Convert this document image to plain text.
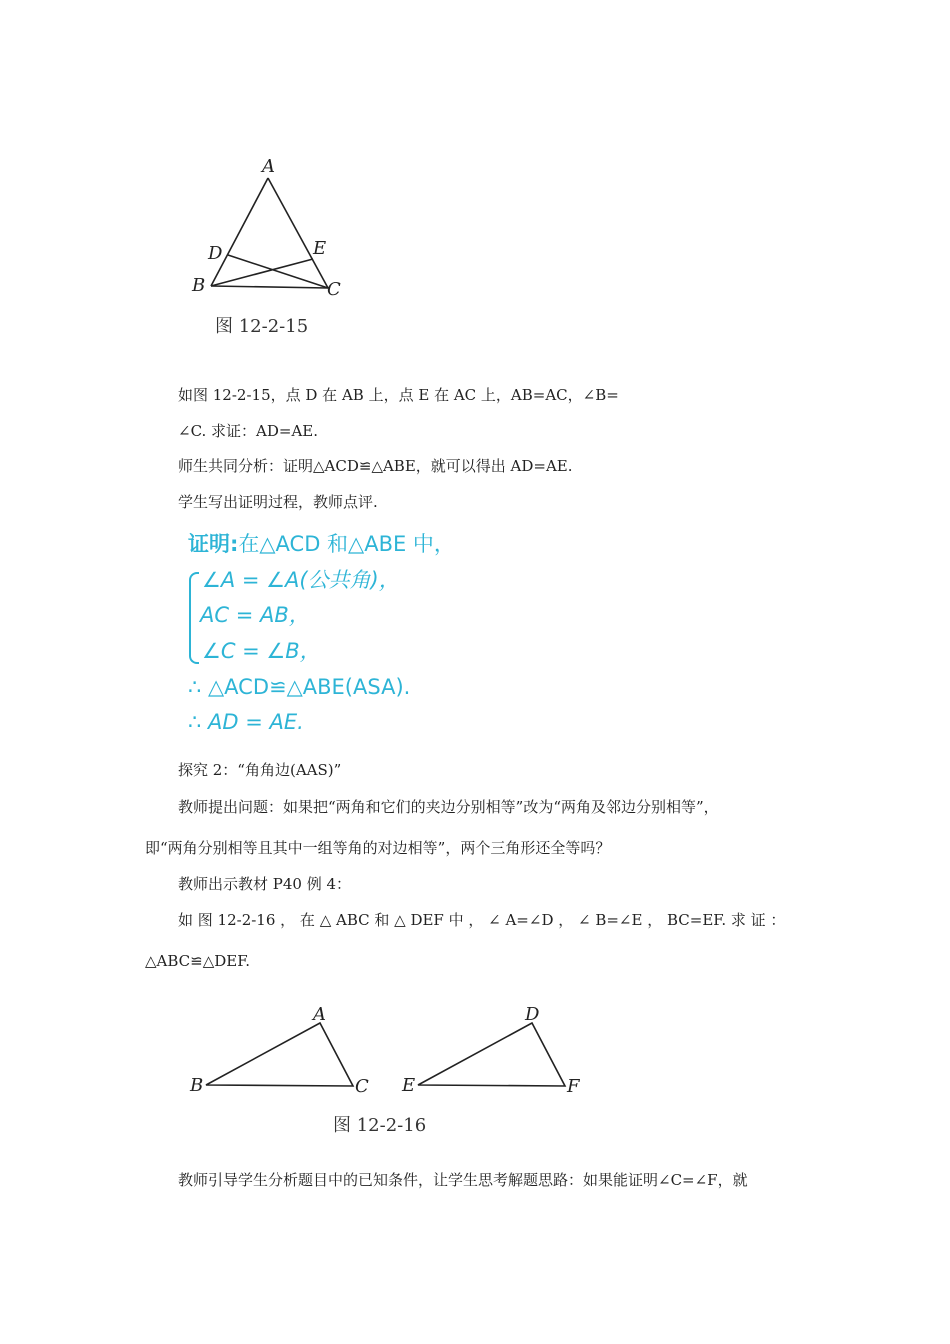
A
D	E
B	C
图 12-2-15
如图 12-2-15，点 D 在 AB 上，点 E 在 AC 上，AB=AC，∠B=
∠C. 求证：AD=AE.
师生共同分析：证明△ACD≌△ABE，就可以得出 AD=AE.
学生写出证明过程，教师点评.
证明:在△ACD 和△ABE 中，
∠A = ∠A(公共角)，
AC = AB，
∠C = ∠B，
∴ △ACD≌△ABE(ASA).
∴ AD = AE.
探究 2：“角角边(AAS)”
教师提出问题：如果把“两角和它们的夹边分别相等”改为“两角及邻边分别相等”，
即“两角分别相等且其中一组等角的对边相等”，两个三角形还全等吗？
教师出示教材 P40 例 4：
如 图 12-2-16 ， 在 △ ABC 和 △ DEF 中 ， ∠ A=∠D ， ∠ B=∠E ， BC=EF. 求 证 ：
△ABC≌△DEF.
A
B	C
D
E	F
图 12-2-16
教师引导学生分析题目中的已知条件，让学生思考解题思路：如果能证明∠C=∠F，就
